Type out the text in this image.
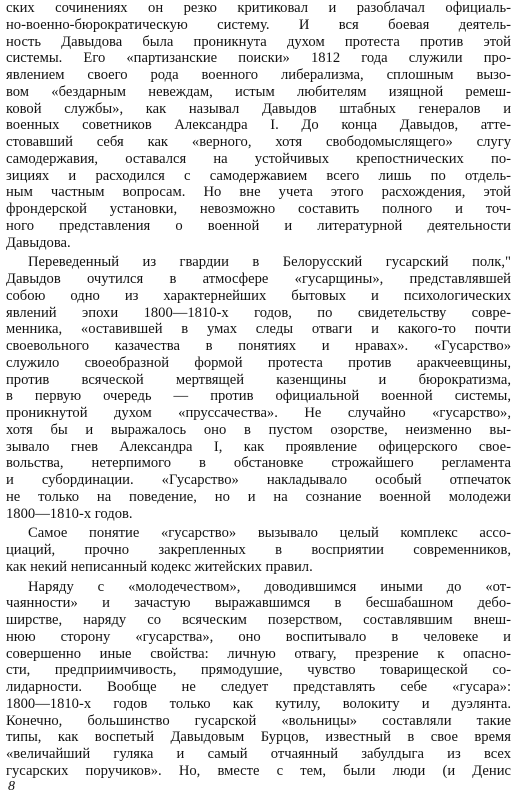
ских сочинениях он резко критиковал и разоблачал официаль-
но-военно-бюрократическую систему. И вся боевая деятель-
ность Давыдова была проникнута духом протеста против этой
системы. Его «партизанские поиски» 1812 года служили про-
явлением своего рода военного либерализма, сплошным вызо-
вом «бездарным невеждам, истым любителям изящной ремеш-
ковой службы», как называл Давыдов штабных генералов и
военных советников Александра I. До конца Давыдов, атте-
стовавший себя как «верного, хотя свободомыслящего» слугу
самодержавия, оставался на устойчивых крепостнических по-
зициях и расходился с самодержавием всего лишь по отдель-
ным частным вопросам. Но вне учета этого расхождения, этой
фрондерской установки, невозможно составить полного и точ-
ного представления о военной и литературной деятельности
Давыдова.
Переведенный из гвардии в Белорусский гусарский полк,"
Давыдов очутился в атмосфере «гусарщины», представлявшей
собою одно из характернейших бытовых и психологических
явлений эпохи 1800—1810-х годов, по свидетельству совре-
менника, «оставившей в умах следы отваги и какого-то почти
своевольного казачества в понятиях и нравах». «Гусарство»
служило своеобразной формой протеста против аракчеевщины,
против всяческой мертвящей казенщины и бюрократизма,
в первую очередь — против официальной военной системы,
проникнутой духом «пруссачества». Не случайно «гусарство»,
хотя бы и выражалось оно в пустом озорстве, неизменно вы-
зывало гнев Александра I, как проявление офицерского свое-
вольства, нетерпимого в обстановке строжайшего регламента
и субординации. «Гусарство» накладывало особый отпечаток
не только на поведение, но и на сознание военной молодежи
1800—1810-х годов.
Самое понятие «гусарство» вызывало целый комплекс ассо-
циаций, прочно закрепленных в восприятии современников,
как некий неписанный кодекс житейских правил.
Наряду с «молодечеством», доводившимся иными до «от-
чаянности» и зачастую выражавшимся в бесшабашном дебо-
ширстве, наряду со всяческим позерством, составлявшим внеш-
нюю сторону «гусарства», оно воспитывало в человеке и
совершенно иные свойства: личную отвагу, презрение к опасно-
сти, предприимчивость, прямодушие, чувство товарищеской со-
лидарности. Вообще не следует представлять себе «гусара»:
1800—1810-х годов только как кутилу, волокиту и дуэлянта.
Конечно, большинство гусарской «вольницы» составляли такие
типы, как воспетый Давыдовым Бурцов, известный в свое время
«величайший гуляка и самый отчаянный забулдыга из всех
гусарских поручиков». Но, вместе с тем, были люди (и Денис
8
